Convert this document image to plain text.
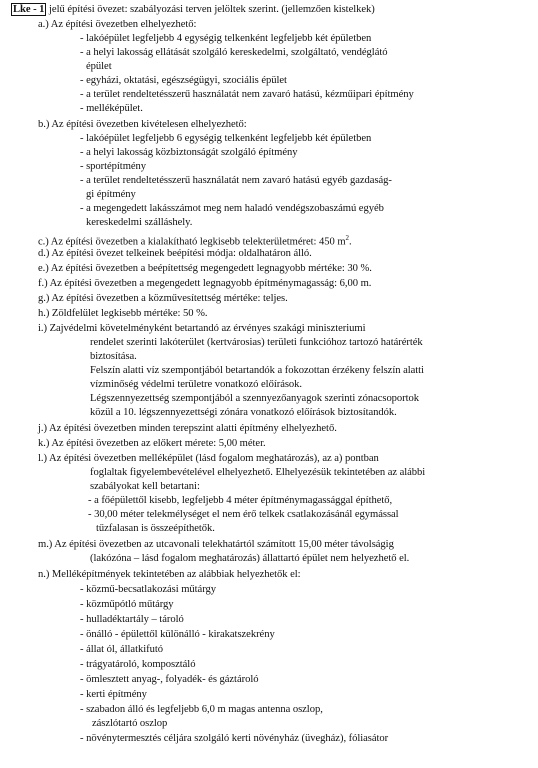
Lke - 1 jelű építési övezet: szabályozási terven jelöltek szerint. (jellemzően kistelkek)
a.) Az építési övezetben elhelyezhető:
- lakóépület legfeljebb 4 egységig telkenként legfeljebb két épületben
- a helyi lakosság ellátását szolgáló kereskedelmi, szolgáltató, vendéglátó
épület
- egyházi, oktatási, egészségügyi, szociális épület
- a terület rendeltetésszerű használatát nem zavaró hatású, kézműipari építmény
- melléképület.
b.) Az építési övezetben kivételesen elhelyezhető:
- lakóépület legfeljebb 6 egységig telkenként legfeljebb két épületben
- a helyi lakosság közbiztonságát szolgáló építmény
- sportépítmény
- a terület rendeltetésszerű használatát nem zavaró hatású egyéb gazdaság-
gi építmény
- a megengedett lakásszámot meg nem haladó vendégszobaszámú egyéb
kereskedelmi szálláshely.
c.) Az építési övezetben a kialakítható legkisebb telekterületméret: 450 $m^2$.
d.) Az építési övezet telkeinek beépítési módja: oldalhatáron álló.
e.) Az építési övezetben a beépítettség megengedett legnagyobb mértéke: 30 %.
f.) Az építési övezetben a megengedett legnagyobb építménymagasság: 6,00 m.
g.) Az építési övezetben a közművesítettség mértéke: teljes.
h.) Zöldfelület legkisebb mértéke: 50 %.
i.) Zajvédelmi követelményként betartandó az érvényes szakági miniszteriumi
rendelet szerinti lakóterület (kertvárosias) területi funkcióhoz tartozó határérték
biztosítása.
Felszín alatti víz szempontjából betartandók a fokozottan érzékeny felszín alatti
vízminőség védelmi területre vonatkozó előírások.
Légszennyezettség szempontjából a szennyezőanyagok szerinti zónacsoportok
közül a 10. légszennyezettségi zónára vonatkozó előírások biztosítandók.
j.) Az építési övezetben minden terepszint alatti építmény elhelyezhető.
k.) Az építési övezetben az előkert mérete: 5,00 méter.
l.) Az építési övezetben melléképület (lásd fogalom meghatározás), az a) pontban
foglaltak figyelembevételével elhelyezhető. Elhelyezésük tekintetében az alábbi
szabályokat kell betartani:
- a főépülettől kisebb, legfeljebb 4 méter építménymagassággal építhető,
- 30,00 méter telekmélységet el nem érő telkek csatlakozásánál egymással
tűzfalasan is összeépíthetők.
m.) Az építési övezetben az utcavonali telekhatártól számított 15,00 méter távolságig
(lakózóna – lásd fogalom meghatározás) állattartó épület nem helyezhető el.
n.) Melléképítmények tekintetében az alábbiak helyezhetők el:
- közmű-becsatlakozási műtárgy
- közműpótló műtárgy
- hulladéktartály – tároló
- önálló - épülettől különálló - kirakatszekrény
- állat ól, állatkifutó
- trágyatároló, komposztáló
- ömlesztett anyag-, folyadék- és gáztároló
- kerti építmény
- szabadon álló és legfeljebb 6,0 m magas antenna oszlop,
zászlótartó oszlop
- növénytermesztés céljára szolgáló kerti növényház (üvegház), fóliasátor
